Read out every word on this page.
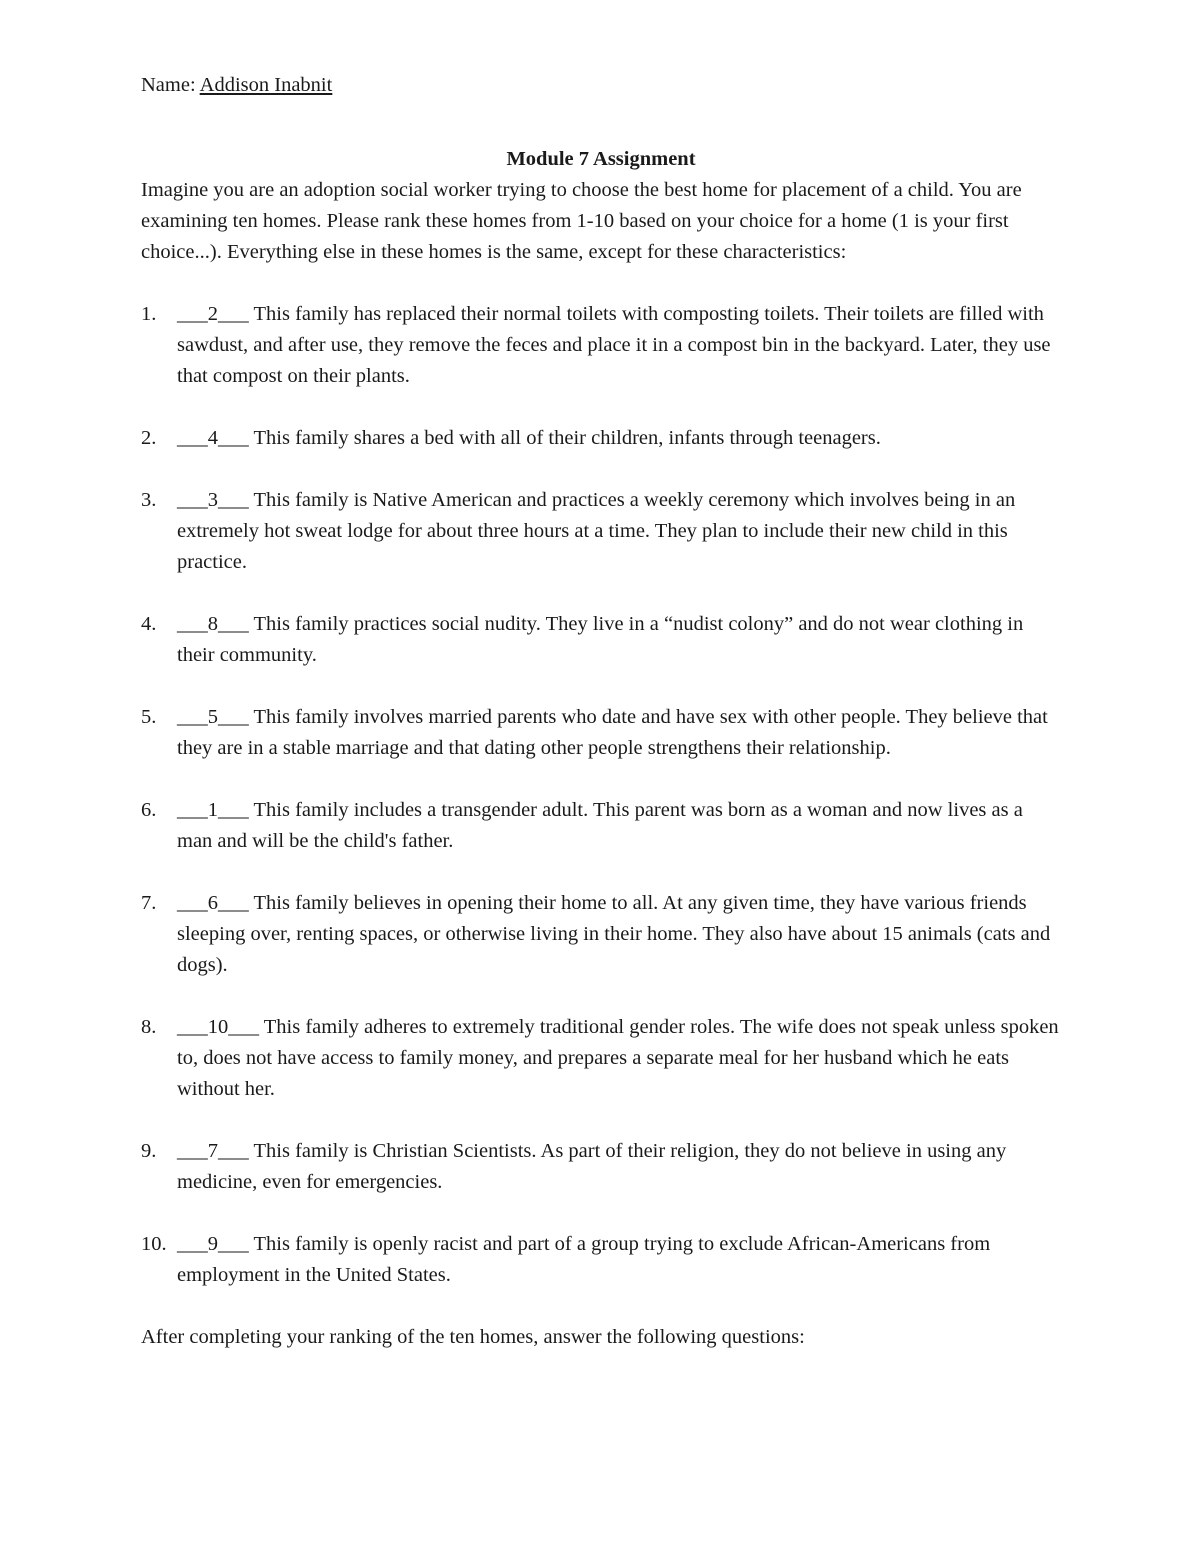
Name: Addison Inabnit

Module 7 Assignment

Imagine you are an adoption social worker trying to choose the best home for placement of a child. You are examining ten homes. Please rank these homes from 1-10 based on your choice for a home (1 is your first choice...). Everything else in these homes is the same, except for these characteristics:

1. ___2___ This family has replaced their normal toilets with composting toilets. Their toilets are filled with sawdust, and after use, they remove the feces and place it in a compost bin in the backyard. Later, they use that compost on their plants.
2. ___4___ This family shares a bed with all of their children, infants through teenagers.
3. ___3___ This family is Native American and practices a weekly ceremony which involves being in an extremely hot sweat lodge for about three hours at a time. They plan to include their new child in this practice.
4. ___8___ This family practices social nudity. They live in a “nudist colony” and do not wear clothing in their community.
5. ___5___ This family involves married parents who date and have sex with other people. They believe that they are in a stable marriage and that dating other people strengthens their relationship.
6. ___1___ This family includes a transgender adult. This parent was born as a woman and now lives as a man and will be the child's father.
7. ___6___ This family believes in opening their home to all. At any given time, they have various friends sleeping over, renting spaces, or otherwise living in their home. They also have about 15 animals (cats and dogs).
8. ___10___ This family adheres to extremely traditional gender roles. The wife does not speak unless spoken to, does not have access to family money, and prepares a separate meal for her husband which he eats without her.
9. ___7___ This family is Christian Scientists. As part of their religion, they do not believe in using any medicine, even for emergencies.
10. ___9___ This family is openly racist and part of a group trying to exclude African-Americans from employment in the United States.

After completing your ranking of the ten homes, answer the following questions:
